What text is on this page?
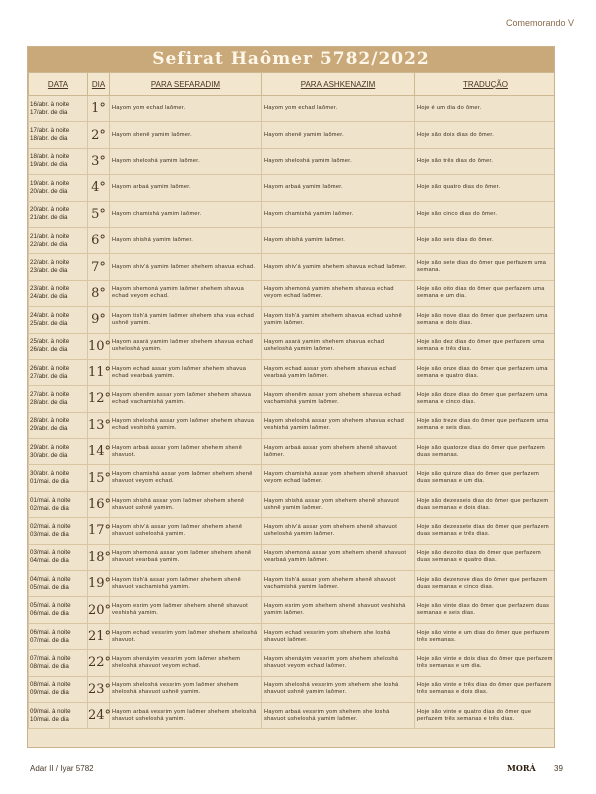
Comemorando V
Sefirat Haômer 5782/2022
DATA	DIA	PARA SEFARADIM	PARA ASHKENAZIM	TRADUÇÃO

16/abr. à noite
17/abr. de dia	1°	Hayom yom echad laômer.	Hayom yom echad laômer.	Hoje é um dia do ômer.

17/abr. à noite
18/abr. de dia	2°	Hayom shenê yamim laômer.	Hayom shenê yamim laômer.	Hoje são dois dias do ômer.

18/abr. à noite
19/abr. de dia	3°	Hayom sheloshá yamim laômer.	Hayom sheloshá yamim laômer.	Hoje são três dias do ômer.

19/abr. à noite
20/abr. de dia	4°	Hayom arbaá yamim laômer.	Hayom arbaá yamim laômer.	Hoje são quatro dias do ômer.

20/abr. à noite
21/abr. de dia	5°	Hayom chamishá yamim laômer.	Hayom chamishá yamim laômer.	Hoje são cinco dias do ômer.

21/abr. à noite
22/abr. de dia	6°	Hayom shishá yamim laômer.	Hayom shishá yamim laômer.	Hoje são seis dias do ômer.

22/abr. à noite
23/abr. de dia	7°	Hayom shiv'á yamim laômer shehem shavua echad.	Hayom shiv'á yamim shehem shavua echad laômer.	Hoje são sete dias do ômer que perfazem uma semana.

23/abr. à noite
24/abr. de dia	8°	Hayom shemoná yamim laômer shehem shavua echad veyom echad.	Hayom shemoná yamim shehem shavua echad veyom echad laômer.	Hoje são oito dias do ômer que perfazem uma semana e um dia.

24/abr. à noite
25/abr. de dia	9°	Hayom tish'á yamim laômer shehem sha vua echad ushnê yamim.	Hayom tish'á yamim shehem shavua echad ushnê yamim laômer.	Hoje são nove dias do ômer que perfazem uma semana e dois dias.

25/abr. à noite
26/abr. de dia	10°	Hayom asará yamim laômer shehem shavua echad usheloshá yamim.	Hayom asará yamim shehem shavua echad usheloshá yamim laômer.	Hoje são dez dias do ômer que perfazem uma semana e três dias.

26/abr. à noite
27/abr. de dia	11°	Hayom echad assar yom laômer shehem shavua echad vearbaá yamim.	Hayom echad assar yom shehem shavua echad vearbaá yamim laômer.	Hoje são onze dias do ômer que perfazem uma semana e quatro dias.

27/abr. à noite
28/abr. de dia	12°	Hayom shenêm assar yom laômer shehem shavua echad vachamishá yamim.	Hayom shenêm assar yom shehem shavua echad vachamishá yamim laômer.	Hoje são doze dias do ômer que perfazem uma semana e cinco dias.

28/abr. à noite
29/abr. de dia	13°	Hayom sheloshá assar yom laômer shehem shavua echad veshishá yamim.	Hayom sheloshá assar yom shehem shavua echad veshishá yamim laômer.	Hoje são treze dias do ômer que perfazem uma semana e seis dias.

29/abr. à noite
30/abr. de dia	14°	Hayom arbaá assar yom laômer shehem shenê shavuot.	Hayom arbaá assar yom shehem shenê shavuot laômer.	Hoje são quatorze dias do ômer que perfazem duas semanas.

30/abr. à noite
01/mai. de dia	15°	Hayom chamishá assar yom laômer shehem shenê shavuot veyom echad.	Hayom chamishá assar yom shehem shenê shavuot veyom echad laômer.	Hoje são quinze dias do ômer que perfazem duas semanas e um dia.

01/mai. à noite
02/mai. de dia	16°	Hayom shishá assar yom laômer shehem shenê shavuot ushnê yamim.	Hayom shishá assar yom shehem shenê shavuot ushnê yamim laômer.	Hoje são dezesseis dias do ômer que perfazem duas semanas e dois dias.

02/mai. à noite
03/mai. de dia	17°	Hayom shiv'á assar yom laômer shehem shenê shavuot usheloshá yamim.	Hayom shiv'á assar yom shehem shenê shavuot usheloshá yamim laômer.	Hoje são dezessete dias do ômer que perfazem duas semanas e três dias.

03/mai. à noite
04/mai. de dia	18°	Hayom shemoná assar yom laômer shehem shenê shavuot vearbaá yamim.	Hayom shemoná assar yom shehem shenê shavuot vearbaá yamim laômer.	Hoje são dezoito dias do ômer que perfazem duas semanas e quatro dias.

04/mai. à noite
05/mai. de dia	19°	Hayom tish'á assar yom laômer shehem shenê shavuot vachamishá yamim.	Hayom tish'á assar yom shehem shenê shavuot vachamishá yamim laômer.	Hoje são dezenove dias do ômer que perfazem duas semanas e cinco dias.

05/mai. à noite
06/mai. de dia	20°	Hayom esrim yom laômer shehem shenê shavuot veshishá yamim.	Hayom esrim yom shehem shenê shavuot veshishá yamim laômer.	Hoje são vinte dias do ômer que perfazem duas semanas e seis dias.

06/mai. à noite
07/mai. de dia	21°	Hayom echad vessrim yom laômer shehem sheloshá shavuot.	Hayom echad vessrim yom shehem she loshá shavuot laômer.	Hoje são vinte e um dias do ômer que perfazem três semanas.

07/mai. à noite
08/mai. de dia	22°	Hayom shenáyim vessrim yom laômer shehem sheloshá shavuot veyom echad.	Hayom shenáyim vessrim yom shehem sheloshá shavuot veyom echad laômer.	Hoje são vinte e dois dias do ômer que perfazem três semanas e um dia.

08/mai. à noite
09/mai. de dia	23°	Hayom sheloshá vessrim yom laômer shehem sheloshá shavuot ushnê yamim.	Hayom sheloshá vessrim yom shehem she loshá shavuot ushnê yamim laômer.	Hoje são vinte e três dias do ômer que perfazem três semanas e dois dias.

09/mai. à noite
10/mai. de dia	24°	Hayom arbaá vessrim yom laômer shehem sheloshá shavuot usheloshá yamim.	Hayom arbaá vessrim yom shehem she loshá shavuot usheloshá yamim laômer.	Hoje são vinte e quatro dias do ômer que perfazem três semanas e três dias.
Adar II / Iyar 5782	MORÁ 39
